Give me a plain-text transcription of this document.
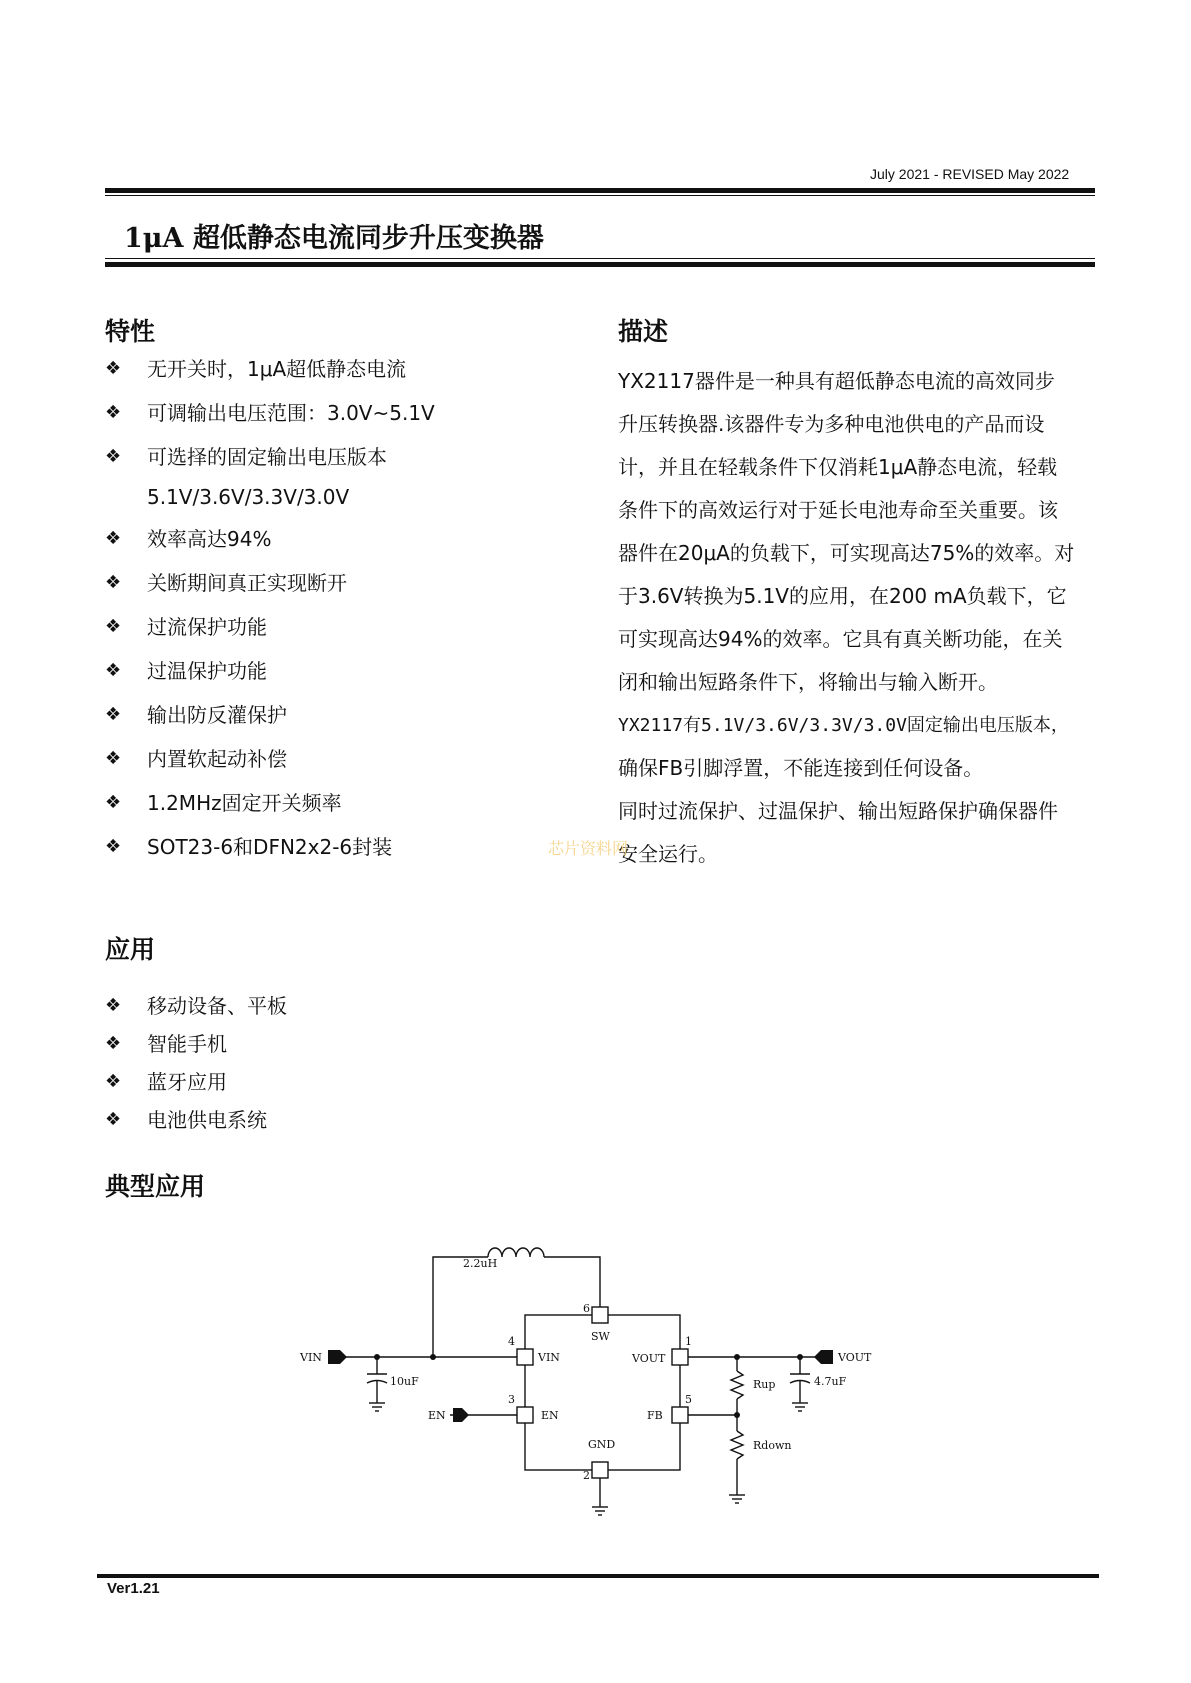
July 2021 - REVISED May 2022
1μA 超低静态电流同步升压变换器
特性
❖ 无开关时，1μA超低静态电流
❖ 可调输出电压范围：3.0V~5.1V
❖ 可选择的固定输出电压版本
5.1V/3.6V/3.3V/3.0V
❖ 效率高达94%
❖ 关断期间真正实现断开
❖ 过流保护功能
❖ 过温保护功能
❖ 输出防反灌保护
❖ 内置软起动补偿
❖ 1.2MHz固定开关频率
❖ SOT23-6和DFN2x2-6封装
描述

YX2117器件是一种具有超低静态电流的高效同步

升压转换器.该器件专为多种电池供电的产品而设

计，并且在轻载条件下仅消耗1μA静态电流，轻载

条件下的高效运行对于延长电池寿命至关重要。该

器件在20μA的负载下，可实现高达75%的效率。对

于3.6V转换为5.1V的应用，在200 mA负载下，它

可实现高达94%的效率。它具有真关断功能，在关

闭和输出短路条件下，将输出与输入断开。

YX2117有5.1V/3.6V/3.3V/3.0V固定输出电压版本，

确保FB引脚浮置，不能连接到任何设备。

同时过流保护、过温保护、输出短路保护确保器件

安全运行。

芯片资料网
应用
❖ 移动设备、平板
❖ 智能手机
❖ 蓝牙应用
❖ 电池供电系统
典型应用
2.2uH
VIN
10uF
EN
SW
VIN
EN
VOUT
FB
GND
6
4
3
1
5
2
Rup
Rdown
4.7uF
VOUT
Ver1.21
